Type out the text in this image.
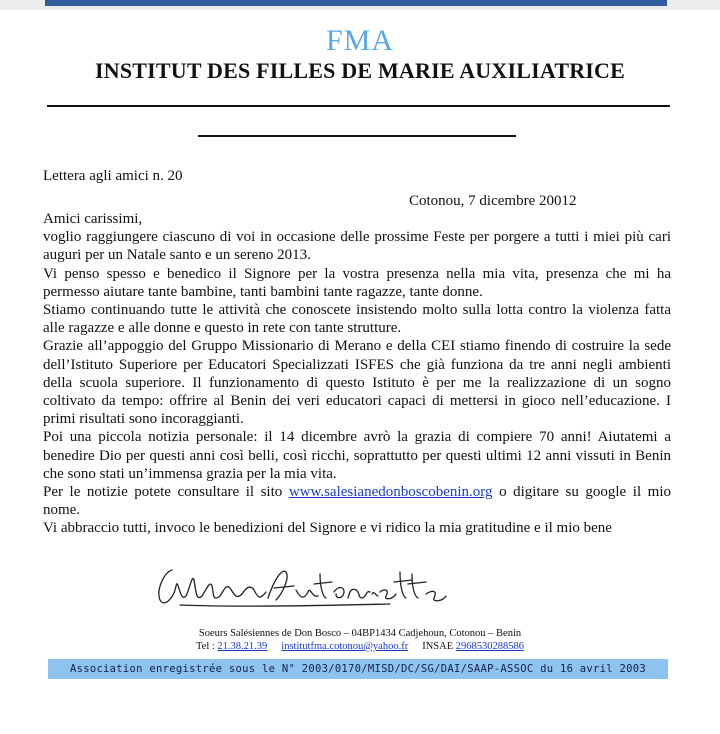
FMA
INSTITUT DES FILLES DE MARIE AUXILIATRICE
Lettera agli amici n. 20
Cotonou, 7 dicembre 20012

Amici carissimi,

voglio raggiungere ciascuno di voi in occasione delle prossime Feste per porgere a tutti i miei più cari auguri per un Natale santo e un sereno 2013.

Vi penso spesso e benedico il Signore per la vostra presenza nella mia vita, presenza che mi ha permesso aiutare tante bambine, tanti bambini tante ragazze, tante donne.

Stiamo continuando tutte le attività che conoscete insistendo molto sulla lotta contro la violenza fatta alle ragazze e alle donne e questo in rete con tante strutture.

Grazie all’appoggio del Gruppo Missionario di Merano e della CEI stiamo finendo di costruire la sede dell’Istituto Superiore per Educatori Specializzati ISFES che già funziona da tre anni negli ambienti della scuola superiore. Il funzionamento di questo Istituto è per me la realizzazione di un sogno coltivato da tempo: offrire al Benin dei veri educatori capaci di mettersi in gioco nell’educazione. I primi risultati sono incoraggianti.

Poi una piccola notizia personale: il 14 dicembre avrò la grazia di compiere 70 anni! Aiutatemi a benedire Dio per questi anni così belli, così ricchi, soprattutto per questi ultimi 12 anni vissuti in Benin che sono stati un’immensa grazia per la mia vita.

Per le notizie potete consultare il sito www.salesianedonboscobenin.org o digitare su google il mio nome.

Vi abbraccio tutti, invoco le benedizioni del Signore e vi ridico la mia gratitudine e il mio bene

Soeurs Salésiennes de Don Bosco – 04BP1434 Cadjehoun, Cotonou – Benin
Tel : 21.38.21.39 institutfma.cotonou@yahoo.fr INSAE 2968530288586
Association enregistrée sous le N° 2003/0170/MISD/DC/SG/DAI/SAAP-ASSOC du 16 avril 2003
